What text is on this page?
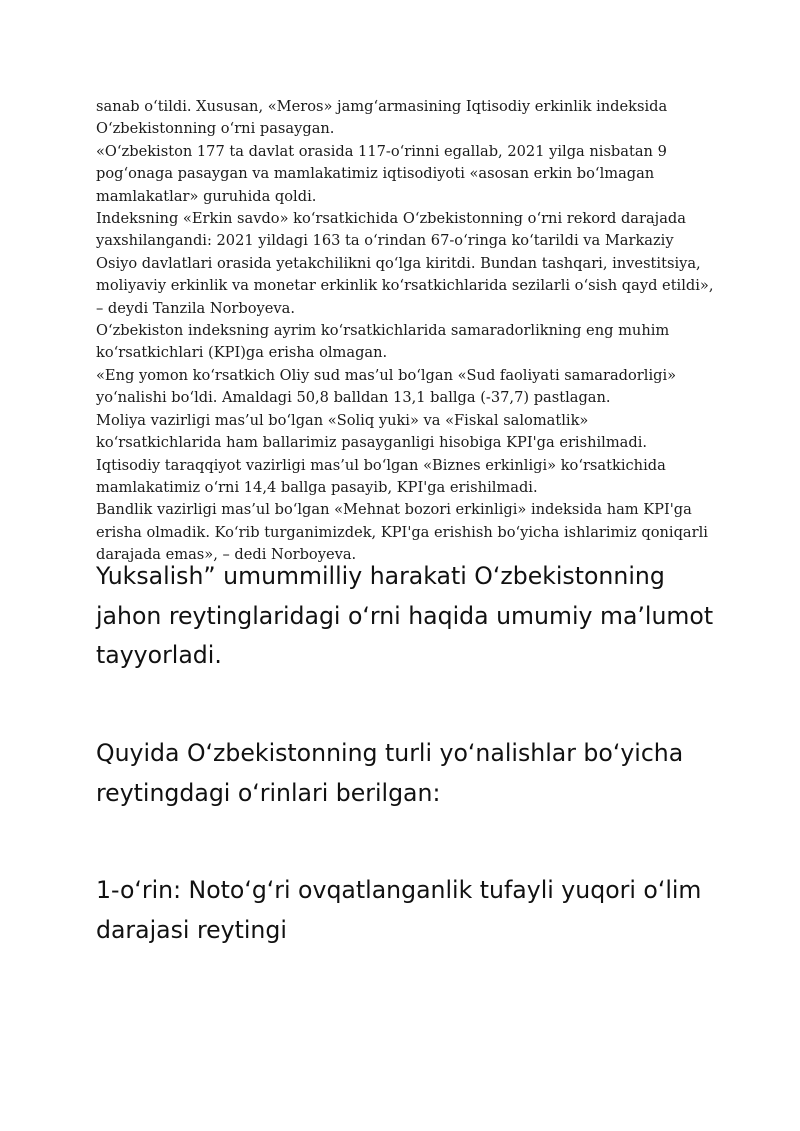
sanab o‘tildi. Xususan, «Meros» jamg‘armasining Iqtisodiy erkinlik indeksida O‘zbekistonning o‘rni pasaygan.

«O‘zbekiston 177 ta davlat orasida 117-o‘rinni egallab, 2021 yilga nisbatan 9 pog‘onaga pasaygan va mamlakatimiz iqtisodiyoti «asosan erkin bo‘lmagan mamlakatlar» guruhida qoldi.

Indeksning «Erkin savdo» ko‘rsatkichida O‘zbekistonning o‘rni rekord darajada yaxshilangandi: 2021 yildagi 163 ta o‘rindan 67-o‘ringa ko‘tarildi va Markaziy Osiyo davlatlari orasida yetakchilikni qo‘lga kiritdi. Bundan tashqari, investitsiya, moliyaviy erkinlik va monetar erkinlik ko‘rsatkichlarida sezilarli o‘sish qayd etildi», – deydi Tanzila Norboyeva.

O‘zbekiston indeksning ayrim ko‘rsatkichlarida samaradorlikning eng muhim ko‘rsatkichlari (KPI)ga erisha olmagan.

«Eng yomon ko‘rsatkich Oliy sud mas’ul bo‘lgan «Sud faoliyati samaradorligi» yo‘nalishi bo‘ldi. Amaldagi 50,8 balldan 13,1 ballga (-37,7) pastlagan.

Moliya vazirligi mas’ul bo‘lgan «Soliq yuki» va «Fiskal salomatlik» ko‘rsatkichlarida ham ballarimiz pasayganligi hisobiga KPI'ga erishilmadi.

Iqtisodiy taraqqiyot vazirligi mas’ul bo‘lgan «Biznes erkinligi» ko‘rsatkichida mamlakatimiz o‘rni 14,4 ballga pasayib, KPI'ga erishilmadi.

Bandlik vazirligi mas’ul bo‘lgan «Mehnat bozori erkinligi» indeksida ham KPI'ga erisha olmadik. Ko‘rib turganimizdek, KPI'ga erishish bo‘yicha ishlarimiz qoniqarli darajada emas», – dedi Norboyeva.

Yuksalish” umummilliy harakati O‘zbekistonning jahon reytinglaridagi o‘rni haqida umumiy ma’lumot tayyorladi.

Quyida O‘zbekistonning turli yo‘nalishlar bo‘yicha reytingdagi o‘rinlari berilgan:

1-o‘rin: Noto‘g‘ri ovqatlanganlik tufayli yuqori o‘lim darajasi reytingi
